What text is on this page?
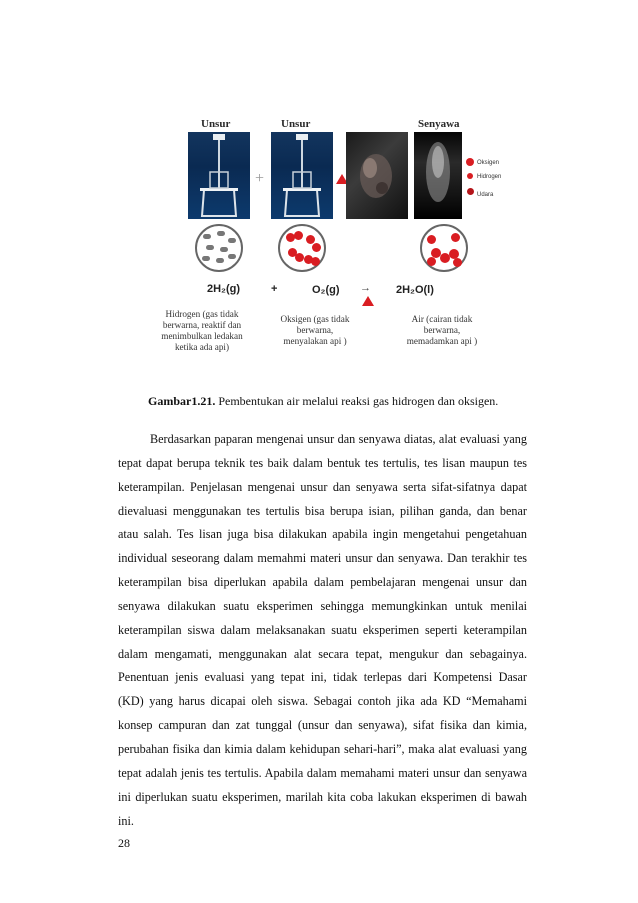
Unsur	Unsur	Senyawa
+
Oksigen
Hidrogen
Udara
2H₂(g)	+	O₂(g) → 2H₂O(l)
Hidrogen (gas tidak
berwarna, reaktif dan
menimbulkan ledakan
ketika ada api)
Oksigen (gas tidak
berwarna,
menyalakan api )
Air (cairan tidak
berwarna,
memadamkan api )
Gambar1.21. Pembentukan air melalui reaksi gas hidrogen dan oksigen.
Berdasarkan paparan mengenai unsur dan senyawa diatas, alat evaluasi yang
tepat dapat berupa teknik tes baik dalam bentuk tes tertulis, tes lisan maupun tes
keterampilan. Penjelasan mengenai unsur dan senyawa serta sifat-sifatnya dapat
dievaluasi menggunakan tes tertulis bisa berupa isian, pilihan ganda, dan benar
atau salah. Tes lisan juga bisa dilakukan apabila ingin mengetahui pengetahuan
individual seseorang dalam memahmi materi unsur dan senyawa. Dan terakhir tes
keterampilan bisa diperlukan apabila dalam pembelajaran mengenai unsur dan
senyawa dilakukan suatu eksperimen sehingga memungkinkan untuk menilai
keterampilan siswa dalam melaksanakan suatu eksperimen seperti keterampilan
dalam mengamati, menggunakan alat secara tepat, mengukur dan sebagainya.
Penentuan jenis evaluasi yang tepat ini, tidak terlepas dari Kompetensi Dasar
(KD) yang harus dicapai oleh siswa. Sebagai contoh jika ada KD “Memahami
konsep campuran dan zat tunggal (unsur dan senyawa), sifat fisika dan kimia,
perubahan fisika dan kimia dalam kehidupan sehari-hari”, maka alat evaluasi yang
tepat adalah jenis tes tertulis. Apabila dalam memahami materi unsur dan senyawa
ini diperlukan suatu eksperimen, marilah kita coba lakukan eksperimen di bawah
ini.
28
